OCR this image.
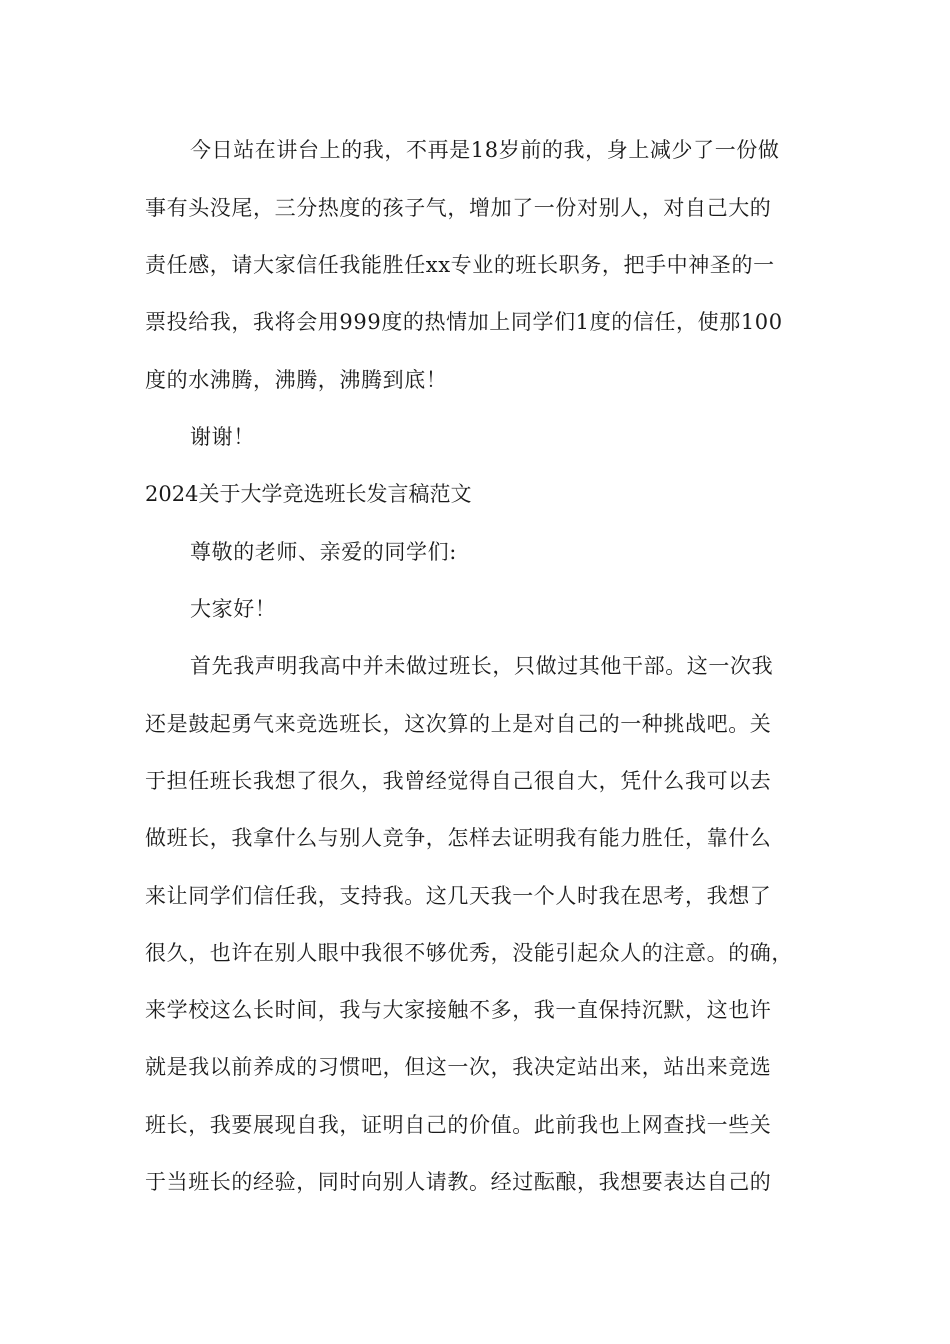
今日站在讲台上的我，不再是18岁前的我，身上减少了一份做
事有头没尾，三分热度的孩子气，增加了一份对别人，对自己大的
责任感，请大家信任我能胜任xx专业的班长职务，把手中神圣的一
票投给我，我将会用999度的热情加上同学们1度的信任，使那100
度的水沸腾，沸腾，沸腾到底！
谢谢！
2024关于大学竞选班长发言稿范文
尊敬的老师、亲爱的同学们:
大家好！
首先我声明我高中并未做过班长，只做过其他干部。这一次我
还是鼓起勇气来竞选班长，这次算的上是对自己的一种挑战吧。关
于担任班长我想了很久，我曾经觉得自己很自大，凭什么我可以去
做班长，我拿什么与别人竞争，怎样去证明我有能力胜任，靠什么
来让同学们信任我，支持我。这几天我一个人时我在思考，我想了
很久，也许在别人眼中我很不够优秀，没能引起众人的注意。的确，
来学校这么长时间，我与大家接触不多，我一直保持沉默，这也许
就是我以前养成的习惯吧，但这一次，我决定站出来，站出来竞选
班长，我要展现自我，证明自己的价值。此前我也上网查找一些关
于当班长的经验，同时向别人请教。经过酝酿，我想要表达自己的
